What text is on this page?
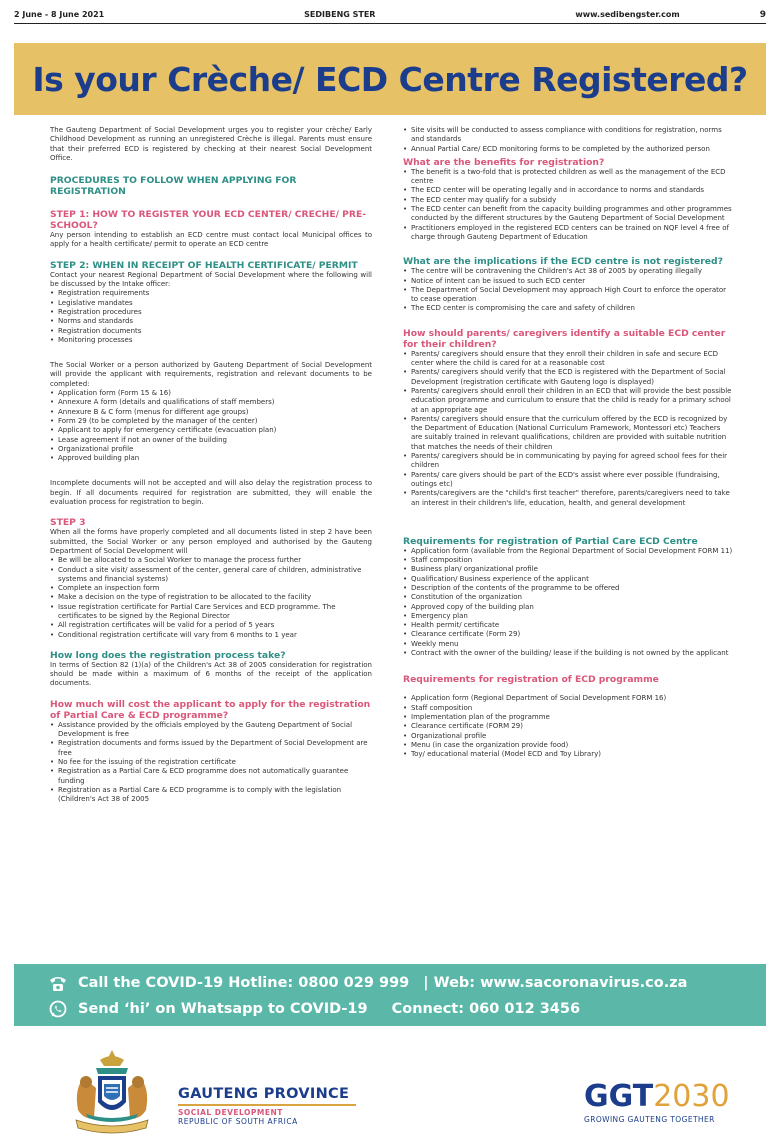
2 June - 8 June 2021	SEDIBENG STER	www.sedibengster.com	9
Is your Crèche/ ECD Centre Registered?

The Gauteng Department of Social Development urges you to register your crèche/ Early Childhood Development as running an unregistered Crèche is illegal. Parents must ensure that their preferred ECD is registered by checking at their nearest Social Development Office.

PROCEDURES TO FOLLOW WHEN APPLYING FOR REGISTRATION
STEP 1: HOW TO REGISTER YOUR ECD CENTER/ CRECHE/ PRE-SCHOOL?

Any person intending to establish an ECD centre must contact local Municipal offices to apply for a health certificate/ permit to operate an ECD centre

STEP 2: WHEN IN RECEIPT OF HEALTH CERTIFICATE/ PERMIT

Contact your nearest Regional Department of Social Development where the following will be discussed by the Intake officer:

• Registration requirements
• Legislative mandates
• Registration procedures
• Norms and standards
• Registration documents
• Monitoring processes

The Social Worker or a person authorized by Gauteng Department of Social Development will provide the applicant with requirements, registration and relevant documents to be completed:

• Application form (Form 15 & 16)
• Annexure A form (details and qualifications of staff members)
• Annexure B & C form (menus for different age groups)
• Form 29 (to be completed by the manager of the center)
• Applicant to apply for emergency certificate (evacuation plan)
• Lease agreement if not an owner of the building
• Organizational profile
• Approved building plan

Incomplete documents will not be accepted and will also delay the registration process to begin. If all documents required for registration are submitted, they will enable the evaluation process for registration to begin.

STEP 3

When all the forms have properly completed and all documents listed in step 2 have been submitted, the Social Worker or any person employed and authorised by the Gauteng Department of Social Development will

• Be will be allocated to a Social Worker to manage the process further
• Conduct a site visit/ assessment of the center, general care of children, administrative systems and financial systems)
• Complete an inspection form
• Make a decision on the type of registration to be allocated to the facility
• Issue registration certificate for Partial Care Services and ECD programme. The certificates to be signed by the Regional Director
• All registration certificates will be valid for a period of 5 years
• Conditional registration certificate will vary from 6 months to 1 year
How long does the registration process take?

In terms of Section 82 (1)(a) of the Children's Act 38 of 2005 consideration for registration should be made within a maximum of 6 months of the receipt of the application documents.

How much will cost the applicant to apply for the registration of Partial Care & ECD programme?
• Assistance provided by the officials employed by the Gauteng Department of Social Development is free
• Registration documents and forms issued by the Department of Social Development are free
• No fee for the issuing of the registration certificate
• Registration as a Partial Care & ECD programme does not automatically guarantee funding
• Registration as a Partial Care & ECD programme is to comply with the legislation (Children's Act 38 of 2005
• Site visits will be conducted to assess compliance with conditions for registration, norms and standards
• Annual Partial Care/ ECD monitoring forms to be completed by the authorized person
What are the benefits for registration?
• The benefit is a two-fold that is protected children as well as the management of the ECD centre
• The ECD center will be operating legally and in accordance to norms and standards
• The ECD center may qualify for a subsidy
• The ECD center can benefit from the capacity building programmes and other programmes conducted by the different structures by the Gauteng Department of Social Development
• Practitioners employed in the registered ECD centers can be trained on NQF level 4 free of charge through Gauteng Department of Education
What are the implications if the ECD centre is not registered?
• The centre will be contravening the Children's Act 38 of 2005 by operating illegally
• Notice of intent can be issued to such ECD center
• The Department of Social Development may approach High Court to enforce the operator to cease operation
• The ECD center is compromising the care and safety of children
How should parents/ caregivers identify a suitable ECD center for their children?
• Parents/ caregivers should ensure that they enroll their children in safe and secure ECD center where the child is cared for at a reasonable cost
• Parents/ caregivers should verify that the ECD is registered with the Department of Social Development (registration certificate with Gauteng logo is displayed)
• Parents/ caregivers should enroll their children in an ECD that will provide the best possible education programme and curriculum to ensure that the child is ready for a primary school at an appropriate age
• Parents/ caregivers should ensure that the curriculum offered by the ECD is recognized by the Department of Education (National Curriculum Framework, Montessori etc) Teachers are suitably trained in relevant qualifications, children are provided with suitable nutrition that matches the needs of their children
• Parents/ caregivers should be in communicating by paying for agreed school fees for their children
• Parents/ care givers should be part of the ECD's assist where ever possible (fundraising, outings etc)
• Parents/caregivers are the "child's first teacher" therefore, parents/caregivers need to take an interest in their children's life, education, health, and general development
Requirements for registration of Partial Care ECD Centre
• Application form (available from the Regional Department of Social Development FORM 11)
• Staff composition
• Business plan/ organizational profile
• Qualification/ Business experience of the applicant
• Description of the contents of the programme to be offered
• Constitution of the organization
• Approved copy of the building plan
• Emergency plan
• Health permit/ certificate
• Clearance certificate (Form 29)
• Weekly menu
• Contract with the owner of the building/ lease if the building is not owned by the applicant
Requirements for registration of ECD programme
• Application form (Regional Department of Social Development FORM 16)
• Staff composition
• Implementation plan of the programme
• Clearance certificate (FORM 29)
• Organizational profile
• Menu (in case the organization provide food)
• Toy/ educational material (Model ECD and Toy Library)
Call the COVID-19 Hotline: 0800 029 999 | Web: www.sacoronavirus.co.za
Send ‘hi’ on Whatsapp to COVID-19 Connect: 060 012 3456
GAUTENG PROVINCE
SOCIAL DEVELOPMENT
REPUBLIC OF SOUTH AFRICA
GGT2030
GROWING GAUTENG TOGETHER
